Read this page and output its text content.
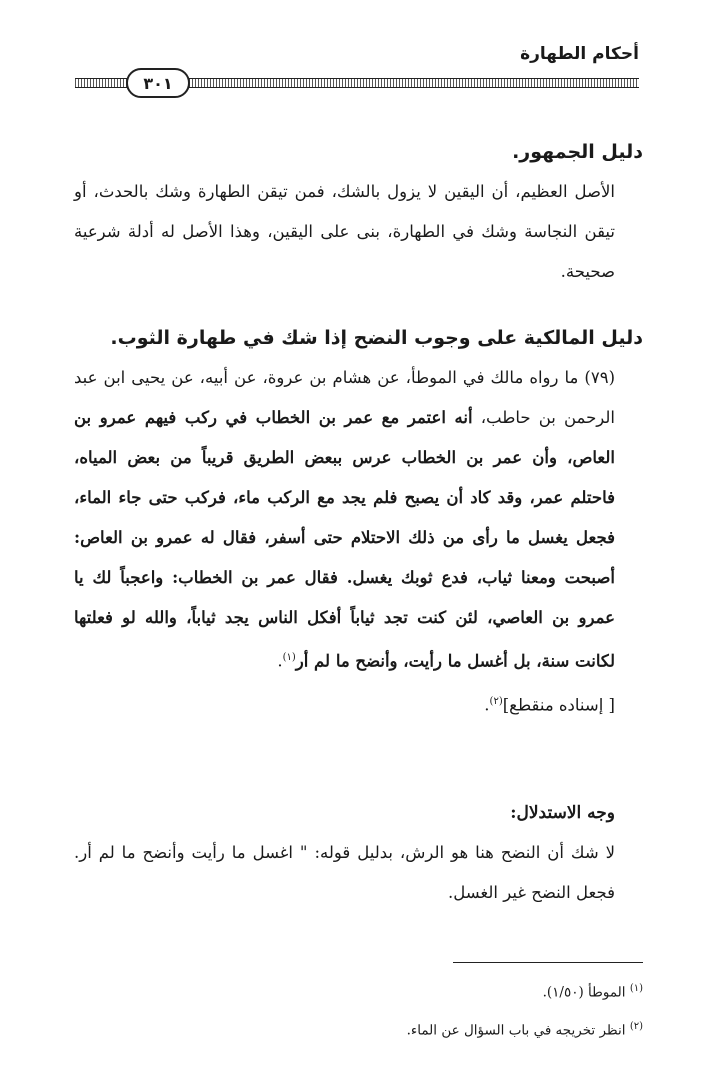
أحكام الطهارة
٣٠١
دليل الجمهور.
الأصل العظيم، أن اليقين لا يزول بالشك، فمن تيقن الطهارة وشك بالحدث، أو تيقن النجاسة وشك في الطهارة، بنى على اليقين، وهذا الأصل له أدلة شرعية صحيحة.
دليل المالكية على وجوب النضح إذا شك في طهارة الثوب.
(٧٩) ما رواه مالك في الموطأ، عن هشام بن عروة، عن أبيه، عن يحيى ابن عبد الرحمن بن حاطب، أنه اعتمر مع عمر بن الخطاب في ركب فيهم عمرو بن العاص، وأن عمر بن الخطاب عرس ببعض الطريق قريباً من بعض المياه، فاحتلم عمر، وقد كاد أن يصبح فلم يجد مع الركب ماء، فركب حتى جاء الماء، فجعل يغسل ما رأى من ذلك الاحتلام حتى أسفر، فقال له عمرو بن العاص: أصبحت ومعنا ثياب، فدع ثوبك يغسل. فقال عمر بن الخطاب: واعجباً لك يا عمرو بن العاصي، لئن كنت تجد ثياباً أفكل الناس يجد ثياباً، والله لو فعلتها لكانت سنة، بل أغسل ما رأيت، وأنضح ما لم أر$^{(١)}$.
[ إسناده منقطع]$^{(٢)}$.
وجه الاستدلال:
لا شك أن النضح هنا هو الرش، بدليل قوله: " اغسل ما رأيت وأنضح ما لم أر. فجعل النضح غير الغسل.
$^{(١)}$ الموطأ (١/٥٠).
$^{(٢)}$ انظر تخريجه في باب السؤال عن الماء.
